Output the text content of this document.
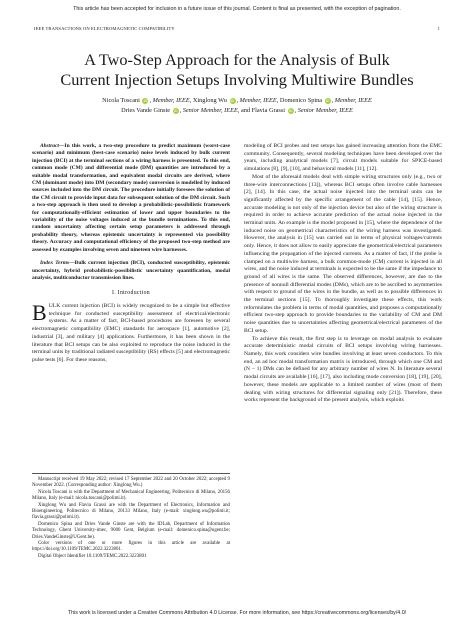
This article has been accepted for inclusion in a future issue of this journal. Content is final as presented, with the exception of pagination.
IEEE TRANSACTIONS ON ELECTROMAGNETIC COMPATIBILITY	1
A Two-Step Approach for the Analysis of Bulk
Current Injection Setups Involving Multiwire Bundles
Nicola Toscani iD , Member, IEEE, Xinglong Wu iD , Member, IEEE, Domenico Spina iD , Member, IEEE
Dries Vande Ginste iD , Senior Member, IEEE, and Flavia Grassi iD , Senior Member, IEEE

Abstract—In this work, a two-step procedure to predict maximum (worst-case scenario) and minimum (best-case scenario) noise levels induced by bulk current injection (BCI) at the terminal sections of a wiring harness is presented. To this end, common mode (CM) and differential mode (DM) quantities are introduced by a suitable modal transformation, and equivalent modal circuits are derived, where CM (dominant mode) into DM (secondary mode) conversion is modelled by induced sources included into the DM circuit. The procedure initially foresees the solution of the CM circuit to provide input data for subsequent solution of the DM circuit. Such a two-step approach is then used to develop a probabilistic-possibilistic framework for computationally-efficient estimation of lower and upper boundaries to the variability of the noise voltages induced at the bundle terminations. To this end, random uncertainty affecting certain setup parameters is addressed through probability theory, whereas epistemic uncertainty is represented via possibility theory. Accuracy and computational efficiency of the proposed two-step method are assessed by examples involving seven and nineteen wire harnesses.

Index Terms—Bulk current injection (BCI), conducted susceptibility, epistemic uncertainty, hybrid probabilistic-possibilistic uncertainty quantification, modal analysis, multiconductor transmission lines.

I. Introduction

BULK current injection (BCI) is widely recognized to be a simple but effective technique for conducted susceptibility assessment of electrical/electronic systems. As a matter of fact, BCI-based procedures are foreseen by several electromagnetic compatibility (EMC) standards for aerospace [1], automotive [2], industrial [3], and military [4] applications. Furthermore, it has been shown in the literature that BCI setups can be also exploited to reproduce the noise induced in the terminal units by traditional radiated susceptibility (RS) effects [5] and electromagnetic pulse tests [6]. For these reasons,

Manuscript received 19 May 2022; revised 17 September 2022 and 20 October 2022; accepted 9 November 2022. (Corresponding author: Xinglong Wu.)

Nicola Toscani is with the Department of Mechanical Engineering, Politecnico di Milano, 20156 Milano, Italy (e-mail: nicola.toscani@polimi.it).

Xinglong Wu and Flavia Grassi are with the Department of Electronics, Information and Bioengineering, Politecnico di Milano, 20133 Milano, Italy (e-mail: xinglong.wu@polimi.it; flavia.grassi@polimi.it).

Domenico Spina and Dries Vande Ginste are with the IDLab, Department of Information Technology, Ghent University-imec, 9000 Gent, Belgium (e-mail: domenico.spina@ugent.be; Dries.VandeGinste@UGent.be).

Color versions of one or more figures in this article are available at https://doi.org/10.1109/TEMC.2022.3223801.

Digital Object Identifier 10.1109/TEMC.2022.3223801

modeling of BCI probes and test setups has gained increasing attention from the EMC community. Consequently, several modeling techniques have been developed over the years, including analytical models [7], circuit models suitable for SPICE-based simulations [8], [9], [10], and behavioral models [11], [12].

Most of the aforesaid models deal with simple wiring structures only (e.g., two or three-wire interconnections [13]), whereas BCI setups often involve cable harnesses [2], [14]. In this case, the actual noise injected into the terminal units can be significantly affected by the specific arrangement of the cable [14], [15]. Hence, accurate modeling is not only of the injection device but also of the wiring structure is required in order to achieve accurate prediction of the actual noise injected in the terminal units. An example is the model proposed in [15], where the dependence of the induced noise on geometrical characteristics of the wiring harness was investigated. However, the analysis in [15] was carried out in terms of physical voltages/currents only. Hence, it does not allow to easily appreciate the geometrical/electrical parameters influencing the propagation of the injected currents. As a matter of fact, if the probe is clamped on a multiwire harness, a bulk common-mode (CM) current is injected in all wires, and the noise induced at terminals is expected to be the same if the impedance to ground of all wires is the same. The observed differences, however, are due to the presence of nonnull differential modes (DMs), which are to be ascribed to asymmetries with respect to ground of the wires in the bundle, as well as to possible differences in the terminal sections [15]. To thoroughly investigate these effects, this work reformulates the problem in terms of modal quantities, and proposes a computationally efficient two-step approach to provide boundaries to the variability of CM and DM noise quantities due to uncertainties affecting geometrical/electrical parameters of the BCI setup.

To achieve this result, the first step is to leverage on modal analysis to evaluate accurate deterministic modal circuits of BCI setups involving wiring harnesses. Namely, this work considers wire bundles involving at least seven conductors. To this end, an ad hoc modal transformation matrix is introduced, through which one CM and (N − 1) DMs can be defined for any arbitrary number of wires N. In literature several modal circuits are available [16], [17], also including mode conversion [18], [19], [20], however, these models are applicable to a limited number of wires (most of them dealing with wiring structures for differential signaling only [21]). Therefore, these works represent the background of the present analysis, which exploits

This work is licensed under a Creative Commons Attribution 4.0 License. For more information, see https://creativecommons.org/licenses/by/4.0/
